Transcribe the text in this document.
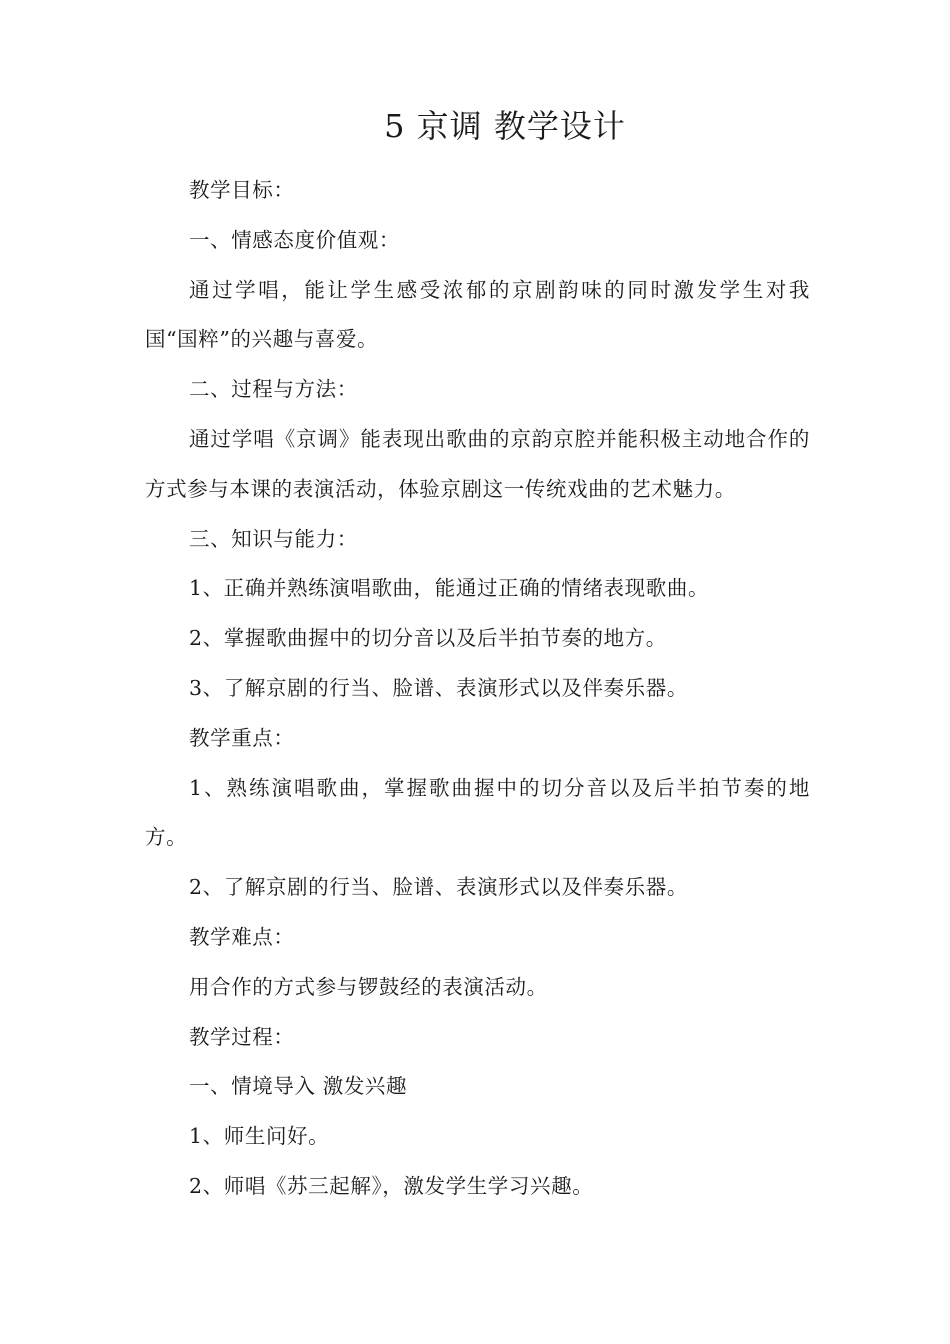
5 京调 教学设计

教学目标：

一、情感态度价值观：

通过学唱，能让学生感受浓郁的京剧韵味的同时激发学生对我国“国粹”的兴趣与喜爱。

二、过程与方法：

通过学唱《京调》能表现出歌曲的京韵京腔并能积极主动地合作的方式参与本课的表演活动，体验京剧这一传统戏曲的艺术魅力。

三、知识与能力：

1、正确并熟练演唱歌曲，能通过正确的情绪表现歌曲。

2、掌握歌曲握中的切分音以及后半拍节奏的地方。

3、了解京剧的行当、脸谱、表演形式以及伴奏乐器。

教学重点：

1、熟练演唱歌曲，掌握歌曲握中的切分音以及后半拍节奏的地方。

2、了解京剧的行当、脸谱、表演形式以及伴奏乐器。

教学难点：

用合作的方式参与锣鼓经的表演活动。

教学过程：

一、情境导入 激发兴趣

1、师生问好。

2、师唱《苏三起解》，激发学生学习兴趣。
